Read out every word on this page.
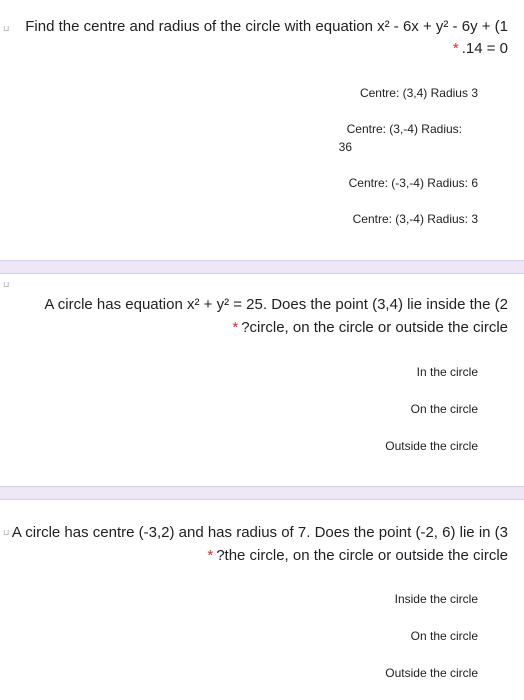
⊔ Find the centre and radius of the circle with equation x² - 6x + y² - 6y + (1
* .14 = 0
Centre: (3,4) Radius 3
Centre: (3,-4) Radius:
36
Centre: (-3,-4) Radius: 6
Centre: (3,-4) Radius: 3
⊔
A circle has equation x² + y² = 25. Does the point (3,4) lie inside the (2
* ?circle, on the circle or outside the circle
In the circle
On the circle
Outside the circle
⊔ A circle has centre (-3,2) and has radius of 7. Does the point (-2, 6) lie in (3
* ?the circle, on the circle or outside the circle
Inside the circle
On the circle
Outside the circle
